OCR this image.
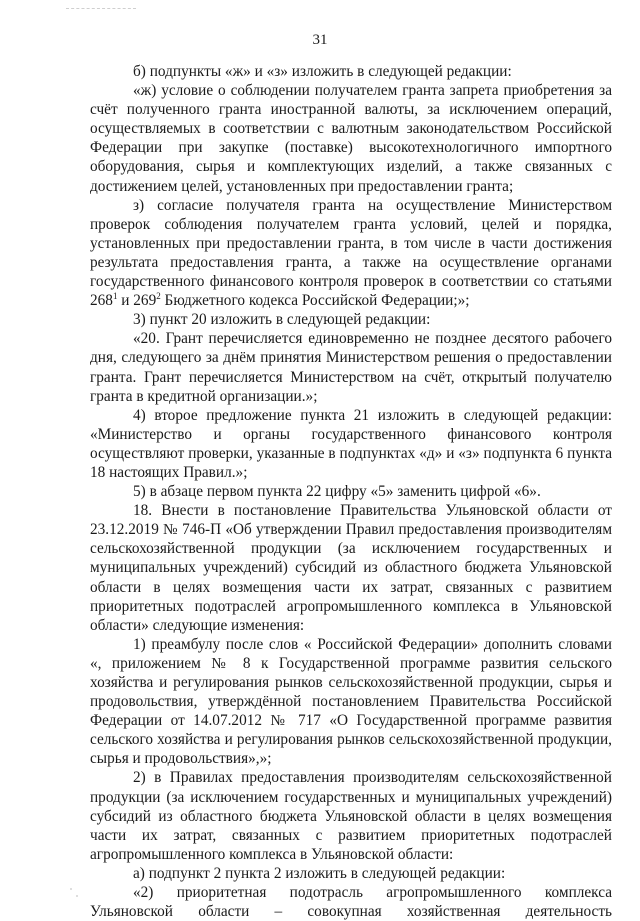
31

б) подпункты «ж» и «з» изложить в следующей редакции:

«ж) условие о соблюдении получателем гранта запрета приобретения за счёт полученного гранта иностранной валюты, за исключением операций, осуществляемых в соответствии с валютным законодательством Российской Федерации при закупке (поставке) высокотехнологичного импортного оборудования, сырья и комплектующих изделий, а также связанных с достижением целей, установленных при предоставлении гранта;

з) согласие получателя гранта на осуществление Министерством проверок соблюдения получателем гранта условий, целей и порядка, установленных при предоставлении гранта, в том числе в части достижения результата предоставления гранта, а также на осуществление органами государственного финансового контроля проверок в соответствии со статьями $268^1$ и $269^2$ Бюджетного кодекса Российской Федерации;»;

3) пункт 20 изложить в следующей редакции:

«20. Грант перечисляется единовременно не позднее десятого рабочего дня, следующего за днём принятия Министерством решения о предоставлении гранта. Грант перечисляется Министерством на счёт, открытый получателю гранта в кредитной организации.»;

4) второе предложение пункта 21 изложить в следующей редакции: «Министерство и органы государственного финансового контроля осуществляют проверки, указанные в подпунктах «д» и «з» подпункта 6 пункта 18 настоящих Правил.»;

5) в абзаце первом пункта 22 цифру «5» заменить цифрой «6».

18. Внести в постановление Правительства Ульяновской области от 23.12.2019 № 746-П «Об утверждении Правил предоставления производителям сельскохозяйственной продукции (за исключением государственных и муниципальных учреждений) субсидий из областного бюджета Ульяновской области в целях возмещения части их затрат, связанных с развитием приоритетных подотраслей агропромышленного комплекса в Ульяновской области» следующие изменения:

1) преамбулу после слов « Российской Федерации» дополнить словами «, приложением № 8 к Государственной программе развития сельского хозяйства и регулирования рынков сельскохозяйственной продукции, сырья и продовольствия, утверждённой постановлением Правительства Российской Федерации от 14.07.2012 № 717 «О Государственной программе развития сельского хозяйства и регулирования рынков сельскохозяйственной продукции, сырья и продовольствия»,»;

2) в Правилах предоставления производителям сельскохозяйственной продукции (за исключением государственных и муниципальных учреждений) субсидий из областного бюджета Ульяновской области в целях возмещения части их затрат, связанных с развитием приоритетных подотраслей агропромышленного комплекса в Ульяновской области:

а) подпункт 2 пункта 2 изложить в следующей редакции:

«2) приоритетная подотрасль агропромышленного комплекса Ульяновской области – совокупная хозяйственная деятельность
